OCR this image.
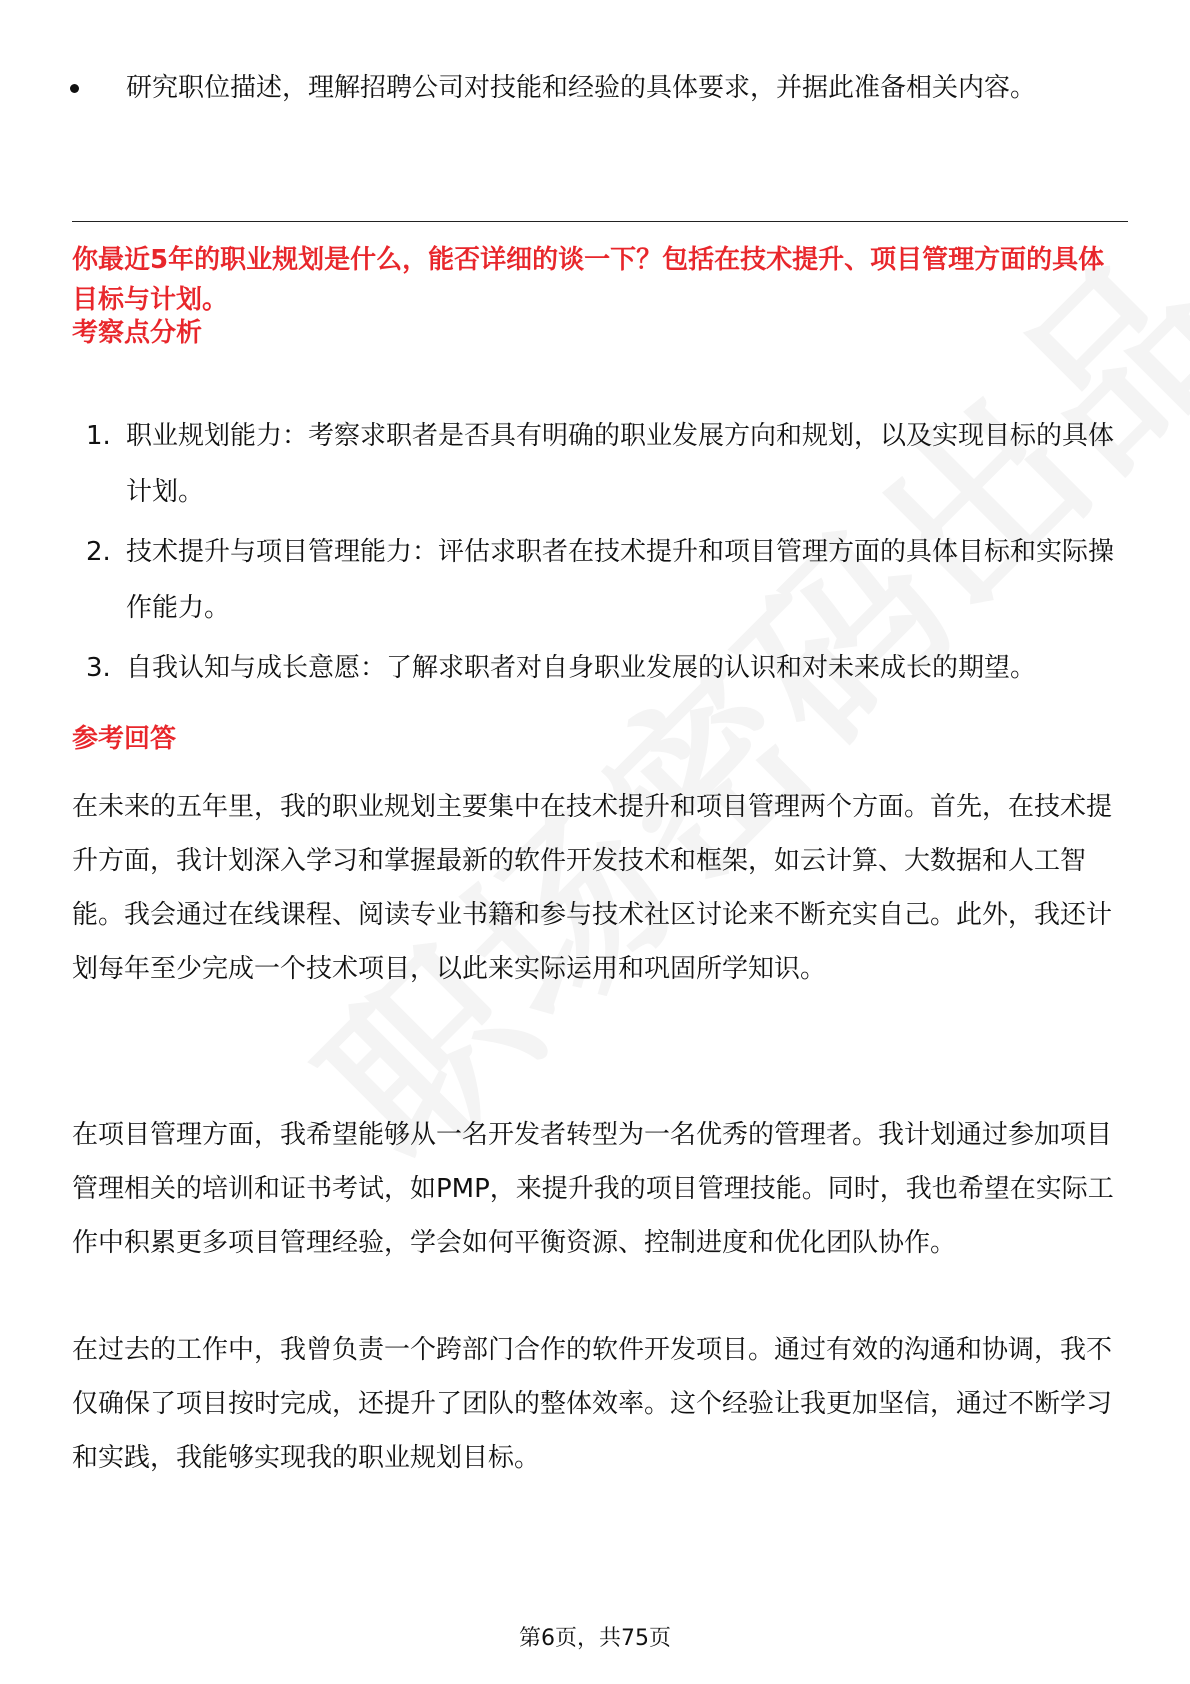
研究职位描述，理解招聘公司对技能和经验的具体要求，并据此准备相关内容。
你最近5年的职业规划是什么，能否详细的谈一下？包括在技术提升、项目管理方面的具体目标与计划。
考察点分析
1. 职业规划能力：考察求职者是否具有明确的职业发展方向和规划，以及实现目标的具体计划。
2. 技术提升与项目管理能力：评估求职者在技术提升和项目管理方面的具体目标和实际操作能力。
3. 自我认知与成长意愿：了解求职者对自身职业发展的认识和对未来成长的期望。
参考回答

在未来的五年里，我的职业规划主要集中在技术提升和项目管理两个方面。首先，在技术提升方面，我计划深入学习和掌握最新的软件开发技术和框架，如云计算、大数据和人工智能。我会通过在线课程、阅读专业书籍和参与技术社区讨论来不断充实自己。此外，我还计划每年至少完成一个技术项目，以此来实际运用和巩固所学知识。

在项目管理方面，我希望能够从一名开发者转型为一名优秀的管理者。我计划通过参加项目管理相关的培训和证书考试，如PMP，来提升我的项目管理技能。同时，我也希望在实际工作中积累更多项目管理经验，学会如何平衡资源、控制进度和优化团队协作。

在过去的工作中，我曾负责一个跨部门合作的软件开发项目。通过有效的沟通和协调，我不仅确保了项目按时完成，还提升了团队的整体效率。这个经验让我更加坚信，通过不断学习和实践，我能够实现我的职业规划目标。

第6页，共75页
